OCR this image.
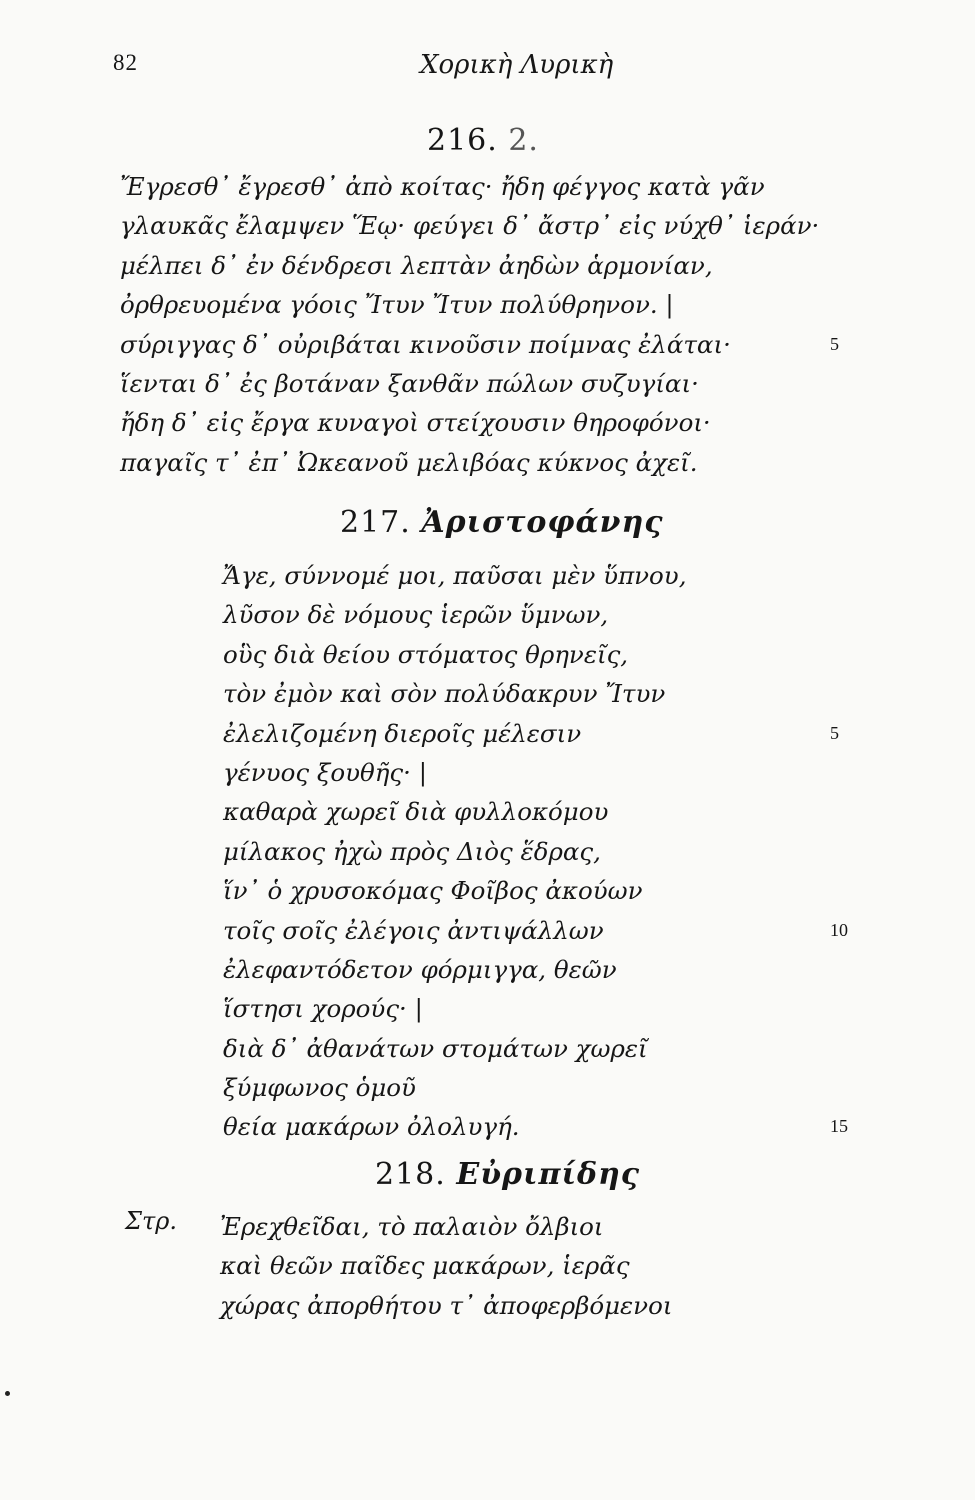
82	Χορικὴ Λυρικὴ
216. 2.
Ἔγρεσθ᾽ ἔγρεσθ᾽ ἀπὸ κοίτας· ἤδη φέγγος κατὰ γᾶν
γλαυκᾶς ἔλαμψεν Ἕῳ· φεύγει δ᾽ ἄστρ᾽ εἰς νύχθ᾽ ἱεράν·
μέλπει δ᾽ ἐν δένδρεσι λεπτὰν ἀηδὼν ἁρμονίαν,
ὀρθρευομένα γόοις Ἴτυν Ἴτυν πολύθρηνον. |
σύριγγας δ᾽ οὐριβάται κινοῦσιν ποίμνας ἐλάται·	5
ἵενται δ᾽ ἐς βοτάναν ξανθᾶν πώλων συζυγίαι·
ἤδη δ᾽ εἰς ἔργα κυναγοὶ στείχουσιν θηροφόνοι·
παγαῖς τ᾽ ἐπ᾽ Ὠκεανοῦ μελιβόας κύκνος ἀχεῖ.
217. Ἀριστοφάνης
Ἄγε, σύννομέ μοι, παῦσαι μὲν ὕπνου,
λῦσον δὲ νόμους ἱερῶν ὕμνων,
οὓς διὰ θείου στόματος θρηνεῖς,
τὸν ἐμὸν καὶ σὸν πολύδακρυν Ἴτυν
ἐλελιζομένη διεροῖς μέλεσιν	5
γένυος ξουθῆς· |
καθαρὰ χωρεῖ διὰ φυλλοκόμου
μίλακος ἠχὼ πρὸς Διὸς ἕδρας,
ἵν᾽ ὁ χρυσοκόμας Φοῖβος ἀκούων
τοῖς σοῖς ἐλέγοις ἀντιψάλλων	10
ἐλεφαντόδετον φόρμιγγα, θεῶν
ἵστησι χορούς· |
διὰ δ᾽ ἀθανάτων στομάτων χωρεῖ
ξύμφωνος ὁμοῦ
θεία μακάρων ὀλολυγή.	15
218. Εὐριπίδης
Στρ. Ἐρεχθεῖδαι, τὸ παλαιὸν ὄλβιοι
καὶ θεῶν παῖδες μακάρων, ἱερᾶς
χώρας ἀπορθήτου τ᾽ ἀποφερβόμενοι
